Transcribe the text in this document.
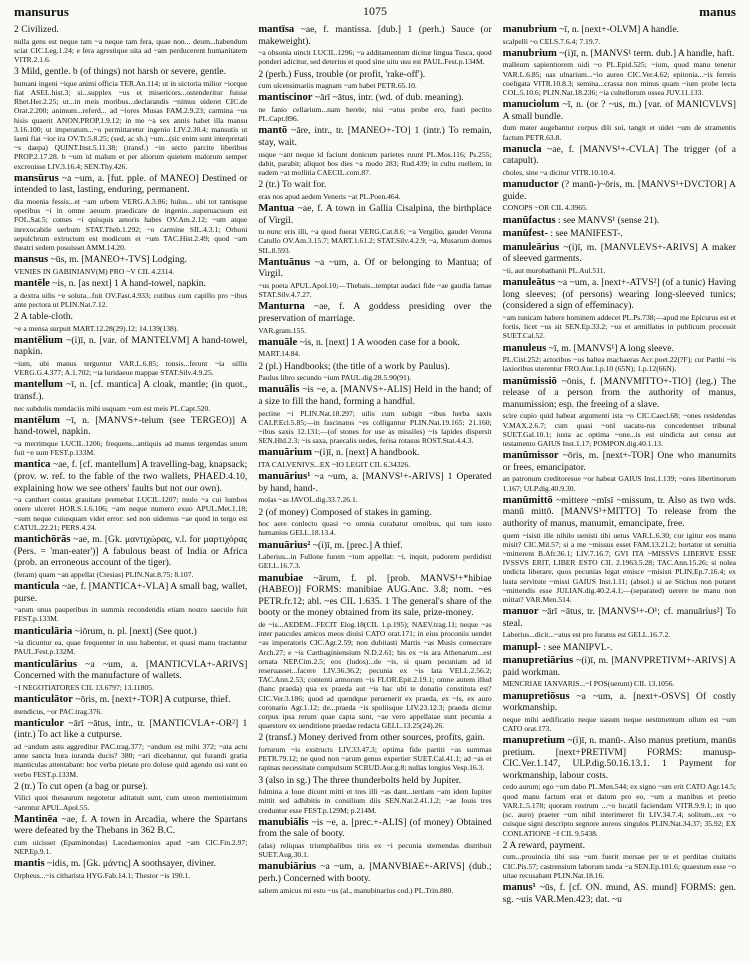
mansurus	1075	manus

2 Civilized.
nulla gens est neque tam ~a neque tam fera, quae non... deum...habendum sciat CIC.Leg.1.24; e fera agrestique uita ad ~am perducerent humanitatem VITR.2.1.6.

3 Mild, gentle. b (of things) not harsh or severe, gentle.
humani ingeni ~ique animi officia TER.An.114; ut in uictoria milior ~iorque fiat ASEL.hist.3; si...supplex ~us et misericors...ostenderitur fuisse Rhet.Her.2.25; ut...in meis moribus...declarandis ~nimus uideret CIC.de Orat.2.200; animum...referd... ad ~iores Musas FAM.2.9.23; carmina ~us hisis quaerit ANON.PROP.1.9.12; in me ~a sex annis habet illa mansu 3.16.100; ut imperatum...~o permittaretur ingenio LIV.2.30.4; mansutis ut laeni fiat ~ior ira OV.Tr.5.8.25; (sed, ac sh.) ~um...(sic enim sunt interpretati ~s daepa) QUINT.Inst.5.11.38; (transf.) ~in secto parcite liberibus PROP.2.17.28. b ~um id malum et per aliorum quietem malorum semper excreuisse LIV.3.16.4; SEN.Thy.426.

mansūrus ~a ~um, a. [fut. pple. of MANEO] Destined or intended to last, lasting, enduring, permanent.
dia moenia fessis...et ~am urbem VERG.A.3.86; hulus... ubi tot tantisque operibus ~i in omne aeuum praedicare de ingenio...superuacuum est FOL.Sat.5; comes ~i quisquis amoris habes OV.Am.2.12; ~um atque inrexocabile uerbum STAT.Theb.1.292; ~o carmine SIL.4.3.1; Orhoni sepulchrum extructum est modicum et ~um TAC.Hist.2.49; quod ~am theatri sedem posuisset AMM.14.20.

mansus ~ūs, m. [MANEO+-TVS] Lodging.
VENIES IN GABINIANV(M) PRO ~V CIL 4.2314.

mantēle ~is, n. [as next] 1 A hand-towel, napkin.
a dextra uilis ~e soluta...fuit OV.Fast.4.933; cutibus cum capillo pro ~ibus ante pectora ut PLIN.Nat.7.12.

2 A table-cloth.
~e a mensa surpuit MART.12.28(29).12; 14.139(138).

mantēlium ~(i)ī, n. [var. of MANTELVM] A hand-towel, napkin.
~ium, ubi manus terguntur VAR.L.6.85; tonsis...ferunt ~ia uillis VERG.G.4.377; A.1.702; ~ia luridaeue mappae STAT.Silv.4.9.25.

mantellum ~ī, n. [cf. mantica] A cloak, mantle; (in quot., transf.).
nec subdolis mendaciis mihi usquam ~um est meis PL.Capt.520.

mantēlum ~ī, n. [MANVS+-telum (see TERGEO)] A hand-towel, napkin.
~a merrimque LUCIL.1206; frequens...antiquis ad manus tergendas unum fuit ~e sum FEST.p.133M.

mantica ~ae, f. [cf. mantellum] A travelling-bag, knapsack; (prov. w. ref. to the fable of the two wallets, PHAED.4.10, explaining how we see others' faults but not our own).
~a canthert costas grauitate premebat LUCIL.1207; mulo ~a cui lumbos onere ulceret HOR.S.1.6.106; ~am neque numero exuo APUL.Met.1.18; ~sum neque cuiusquam videt error: sed non uidemus ~ae quod in tergo est CATUL.22.21; PERS.4.24.

mantichōrās ~ae, m. [Gk. μαντιχώρας, v.l. for μαρτιχόρας (Pers. = 'man-eater')] A fabulous beast of India or Africa (prob. an erroneous account of the tiger).
(feram) quam ~an appellat (Ctesias) PLIN.Nat.8.75; 8.107.

manticula ~ae, f. [MANTICA+-VLA] A small bag, wallet, purse.
~arum unus pauperibus in summis recondendis etiam nostro saeculo fuit FEST.p.133M.

manticulāria ~iōrum, n. pl. [next] (See quot.)
~ia dicuntur ea, quae frequenter in usu habentur, et quasi manu tractantur PAUL.Fest.p.132M.

manticulārius ~a ~um, a. [MANTICVLA+-ARIVS] Concerned with the manufacture of wallets.
~I NEGOTIATORES CIL 13.6797; 13.11805.

manticulātor ~ōris, m. [next+-TOR] A cutpurse, thief.
mendicus, ~or PAC.trag.376.

manticulor ~ārī ~ātus, intr., tr. [MANTICVLA+-OR²] 1 (intr.) To act like a cutpurse.
ad ~andum astu aggreditur PAC.trag.377; ~andum est mihi 372; ~ata actu anne sancta hura iuranda ducis? 380; ~ari dicebantur, qui furandi gratia manticulas attentabant: hoc verba pietate pro dolose quid agendo usi sunt eo verbo FEST.p.133M.

2 (tr.) To cut open (a bag or purse).
Vilici quoi thesaurum negotetur aditatuit sunt, cum uteon mentotisimum ~arentur APUL.Apol.55.

Mantinēa ~ae, f. A town in Arcadia, where the Spartans were defeated by the Thebans in 362 B.C.
cum uicisset (Epaminondas) Lacedaemonios apud ~am CIC.Fin.2.97; NEP.Ep.9.1.

mantis ~idis, m. [Gk. μάντις] A soothsayer, diviner.
Orpheus...~is citharista HYG.Fab.14.1; Thestor ~is 190.1.

mantīsa ~ae, f. mantissa. [dub.] 1 (perh.) Sauce (or makeweight).
~a obsonia uincit LUCIL.1296; ~a additamentum dicitur lingua Tusca, quod ponderi adicitur, sed deterius et quod sine uitu usu est PAUL.Fest.p.134M.

2 (perh.) Fuss, trouble (or profit, 'rake-off').
cum ulcensimariis magnam ~am habet PETR.65.10.

mantiscinor ~ārī ~ātus, intr. (wd. of dub. meaning).
ne fanio cellarium...nam herele, nisi ~atus probe ero, fusti pectito PL.Capt.896.

mantō ~āre, intr., tr. [MANEO+-TO] 1 (intr.) To remain, stay, wait.
usque ~ant neque id faciunt donicum parietes ruunt PL.Mos.116; Ps.255; dabit, parabit; aliquot hos dies ~a modo 283; Rud.439; in cultu ruellem, in eadem ~at mollitia CAECIL.com.87.

2 (tr.) To wait for.
eras nos apud aedem Veneris ~at PL.Poen.464.

Mantua ~ae, f. A town in Gallia Cisalpina, the birthplace of Virgil.
tu nunc eris illi, ~a quod fuerat VERG.Cat.8.6; ~a Vergilio, gaudet Verona Catullo OV.Am.3.15.7; MART.1.61.2; STAT.Silv.4.2.9; ~a, Musarum domus SIL.8.593.

Mantuānus ~a ~um, a. Of or belonging to Mantua; of Virgil.
~us poeta APUL.Apol.10;—Thebais...temptat audaci fide ~ae gaudia famae STAT.Silv.4.7.27.

Manturna ~ae, f. A goddess presiding over the preservation of marriage.
VAR.gram.155.

manuāle ~is, n. [next] 1 A wooden case for a book.
MART.14.84.

2 (pl.) Handbooks; (the title of a work by Paulus).
Paulus libro secundo ~ium PAUL.dig.28.5.90(91).

manuālis ~is ~e, a. [MANVS+-ALIS] Held in the hand; of a size to fill the hand, forming a handful.
pectine ~i PLIN.Nat.18.297; uilis cum subigit ~ibus herba saxis CALP.Ecl.5.85;—in fascinatos ~es colligantur PLIN.Nat.19.165; 21.160; ~ibus saxis 12.131;—(of stones for use as missiles) ~is lapides dispersit SEN.Hld.2.3; ~is saxa, praecalis uedes, ferisa rotasus ROST.Stat.4.4.3.

manuārium ~(i)ī, n. [next] A handbook.
ITA CALVENIVS...EX ~IO LEGIT CIL 6.34326.

manuārius¹ ~a ~um, a. [MANVS¹+-ARIVS] 1 Operated by hand, hand-.
molas ~as JAVOL.dig.33.7.26.1.

2 (of money) Composed of stakes in gaming.
hoc aere conlecto quasi ~o omnia curabatur omnibus, qui tum iusto humanius GELL.18.13.4.

manuārius² ~(i)ī, m. [prec.] A thief.
Laberius...in Fullone furem ~ium appellat: ~i, inquit, pudorem perdidisti GELL.16.7.3.

manubiae ~ārum, f. pl. [prob. MANVS¹+*hibiae (HABEO)] FORMS: manibiae AUG.Anc. 3.8; nom. ~es PETR.fr.12; abl. ~es CIL 1.635. 1 The general's share of the booty or the money obtained from its sale, prize-money.
de ~is...AEDEM...FECIT Elog.18(CIL 1.p.195); NAEV.trag.11; neque ~as inter paucules amicos meos diuisi CATO orat.171; in eius proconiis uendet ~as imperatoris CIC.Agr.2.59; non dubitasti Martis ~as Musis consecrare Arch.27; e ~is Carthaginiensium N.D.2.61; his ex ~is ara Athenarum...est ornata NEP.Cim.2.5; eos (ludos)...de ~is, si quam pecuniam ad id reseruasset...facere LIV.36.36.2; pecunia ex ~is lata VELL.2.56.2; TAC.Ann.2.53; contenti armorum ~is FLOR.Epit.2.19.1; omne autem illud (hanc praeda) qua ex praeda aut ~is hac ubi te donatio constituta est? CIC.Ver.3.186; quod ad quendque peruenerit ex praeda, ex ~is, ex auro coronario Agr.1.12; de...praeda ~is spoliisque LIV.23.12.3; praeda dicitur corpus ipsa rerum quae capta sunt, ~ae vero appellatae sunt pecunia a quaestore ex uenditione praedae redacta GELL.13.25(24).26.

2 (transf.) Money derived from other sources, profits, gain.
forturum ~is exstructs LIV.33.47.3; optima fide partiti ~as summas PETR.79.12; ne quod non ~arum genus expertier SUET.Cal.41.1; ad ~as et rapinas necessitate compulsum SCRUD.Aur.g.8; nullas longius Vesp.16.3.

3 (also in sg.) The three thunderbolts held by Jupiter.
fulmina a Ioue dicunt mitti et tres illi ~as dant...tertiam ~am idem Iupiter mittit sed adhibitis in consilium diis SEN.Nat.2.41.1,2; ~ae Iouis tres creduntur esse FEST.p.129M; p.214M.

manubiālis ~is ~e, a. [prec.+-ALIS] (of money) Obtained from the sale of booty.
(alas) reliquas triumphalibus tiris ex ~i pecunia sternendas distribuit SUET.Aug.30.1.

manubiārius ~a ~um, a. [MANVBIAE+-ARIVS] (dub.; perh.) Concerned with booty.
saltem amicus mi esto ~us (al., manubinarius cod.) PL.Trin.880.

manubrium ~ī, n. [next+-OLVM] A handle.
scalpelli ~o CELS.7.6.4; 7.19.7.

manubrium ~(i)ī, n. [MANVS¹ term. dub.] A handle, haft.
malleum sapientiorem uidi ~o PL.Epid.525; ~ium, quod manu tenetur VAR.L.6.85; uas ulnarium...~io aureo CIC.Ver.4.62; epitonia...~is ferreis coeligata VITR.10.8.3; semina...crassa non minus quam ~ium probe lecta COL.5.10.6; PLIN.Nat.18.236; ~ia cultellorum ossea JUV.11.133.

manuciolum ~ī, n. (or ? ~us, m.) [var. of MANICVLVS] A small bundle.
dum mater augebantur corpus dili sui, tangit et uidet ~um de stramentis factum PETR.63.8.

manucla ~ae, f. [MANVS¹+-CVLA] The trigger (of a catapult).
choles, sine ~a dicitur VITR.10.10.4.

manuductor (? manū-)~ōris, m. [MANVS¹+DVCTOR] A guide.
CONOPS ~OR CIL 4.3965.

manūfactus : see MANVS¹ (sense 21).

manūfest- : see MANIFEST-.

manuleārius ~(i)ī, m. [MANVLEVS+-ARIVS] A maker of sleeved garments.
~ii, aut murobathanii PL.Aul.511.

manuleātus ~a ~um, a. [next+-ATVS²] (of a tunic) Having long sleeves; (of persons) wearing long-sleeved tunics; (considered a sign of effeminacy).
~am tunicam habere hominem addecet PL.Ps.738;—apud me Epicurus est et fortis, licet ~us sit SEN.Ep.33.2; ~us et armillatus in publicum processit SUET.Cal.52.

manuleus ~ī, m. [MANVS¹] A long sleeve.
PL.Cist.252; actoribus ~os baltea machaeras Acc.poet.22(?F); cur Parthi ~is laxioribus uterentur FRO.Aur.1.p.10 (65N); 1.p.12(66N).

manūmissiō ~ōnis, f. [MANVMITTO+-TIO] (leg.) The release of a person from the authority of manus, manumission; esp. the freeing of a slave.
scire cupio quid habeat argumenti ista ~o CIC.Caecl.68; ~ones residendas V.MAX.2.6.7; cum quasi ~onl uacatu-rus concedentset tribunal SUET.Gal.10.1; iusta ac optima ~one...is est uindicta aut censu aut testamento GAIUS Inst.1.17; POMPON.dig.40.1.13.

manūmissor ~ōris, m. [next+-TOR] One who manumits or frees, emancipator.
an patronum creditoresue ~or habeat GAIUS Inst.1.139; ~ores libertinorum 1.167; ULP.dig.40.9.30.

manūmittō ~mittere ~mīsī ~missum, tr. Also as two wds. manū mittō. [MANVS¹+MITTO] To release from the authority of manus, manumit, emancipate, free.
quem ~isisti ille nihilo uenisti tibi uetus VAR.L.6.30; cur igitur eos manu misit? CIC.Mil.57; si a me ~missus esset FAM.13.21.2; hortatur ut seruitia ~mitterent B.Afr.36.1; LIV.7.16.7; GVI ITA ~MISSVS LIBERVE ESSE IVSSVS ERIT, LIBER ESTO CIL 2.1963.5.28; TAC.Ann.15.26; si nolea undicta liberare, quos pecunias legat emisce ~misisti PLIN.Ep.7.16.4; ex lusta servitute ~missi GAIUS Inst.1.11; (absol.) si ae Stichus non putaret ~mittendis esse JULIAN.dig.40.2.4.1;—(separated) uerere ne manu non mittat? VAR.Men.514.

manuor ~ārī ~ātus, tr. [MANVS¹+-O¹; cf. manuārius²] To steal.
Laberius...dicit...~atus est pro furatus est GELL.16.7.2.

manupl- : see MANIPVL-.

manupretiārius ~(i)ī, m. [MANVPRETIVM+-ARIVS] A paid workman.
MENCRIAE IANVARIS...~I POS(uerunt) CIL 13.1056.

manupretiōsus ~a ~um, a. [next+-OSVS] Of costly workmanship.
neque mihi aedificatio neque uasum neque uestimentum ullum est ~um CATO orat.173.

manupretium ~(i)ī, n. manū-. Also manus pretium, manūs pretium. [next+PRETIVM] FORMS: manusp- CIC.Ver.1.147, ULP.dig.50.16.13.1. 1 Payment for workmanship, labour costs.
cedo aurum; ego ~um dabo PL.Men.544; ex signo ~um erit CATO Agr.14.5; quod manu factum erat et datum pro eo, ~um a manibus et pretio VAR.L.5.178; quoram rostrum ...~o lucatil faciendam VITR.9.9.1; in quo (sc. auro) praeter ~um nihil interimeret fit LIV.34.7.4; solitum...ex ~o cuisque signi descriptu segnore aureos singulos PLIN.Nat.34.37; 35.92; EX CONLATIONE ~I CIL 9.5438.

2 A reward, payment.
cum...prouincia tibi sua ~um fuerit mersae per te et perditae ciuitatis CIC.Pis.57; castrensium laborum tanda ~a SEN.Ep.101.6; quaestum esse ~o uitae recusabant PLIN.Nat.18.16.

manus¹ ~ūs, f. [cf. ON. mund, AS. mund] FORMS: gen. sg. ~uis VAR.Men.423; dat. ~u
